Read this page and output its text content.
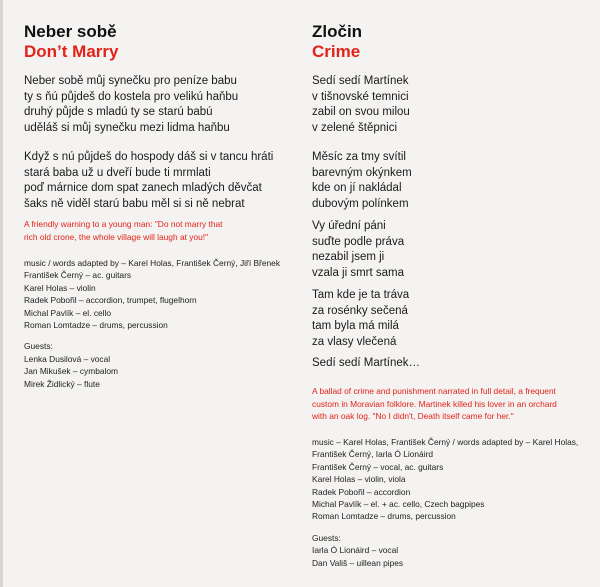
Neber sobě
Don’t Marry
Neber sobě můj synečku pro peníze babu
ty s ňú půjdeš do kostela pro velikú haňbu
druhý půjde s mladú ty se starú babú
uděláš si můj synečku mezi lidma haňbu
Když s nú půjdeš do hospody dáš si v tancu hráti
stará baba už u dveří bude ti mrmlati
poď márnice dom spat zanech mladých děvčat
šaks ně viděl starú babu měl si si ně nebrat
A friendly warning to a young man: "Do not marry that
rich old crone, the whole village will laugh at you!"
music / words adapted by – Karel Holas, František Černý, Jiří Břenek
František Černý – ac. guitars
Karel Holas – violin
Radek Pobořil – accordion, trumpet, flugelhorn
Michal Pavlík – el. cello
Roman Lomtadze – drums, percussion
Guests:
Lenka Dusilová – vocal
Jan Mikušek – cymbalom
Mirek Židlický – flute
Zločin
Crime
Sedí sedí Martínek
v tišnovské temnici
zabil on svou milou
v zelené štěpnici
Měsíc za tmy svítil
barevným okýnkem
kde on jí nakládal
dubovým polínkem
Vy úřední páni
suďte podle práva
nezabil jsem ji
vzala ji smrt sama
Tam kde je ta tráva
za rosénky sečená
tam byla má milá
za vlasy vlečená
Sedí sedí Martínek…
A ballad of crime and punishment narrated in full detail, a frequent
custom in Moravian folklore. Martinek killed his lover in an orchard
with an oak log. "No I didn't, Death itself came for her."
music – Karel Holas, František Černý / words adapted by – Karel Holas,
František Černý, Iarla Ó Lionáird
František Černý – vocal, ac. guitars
Karel Holas – violin, viola
Radek Pobořil – accordion
Michal Pavlík – el. + ac. cello, Czech bagpipes
Roman Lomtadze – drums, percussion
Guests:
Iarla Ó Lionáird – vocal
Dan Vališ – uillean pipes
